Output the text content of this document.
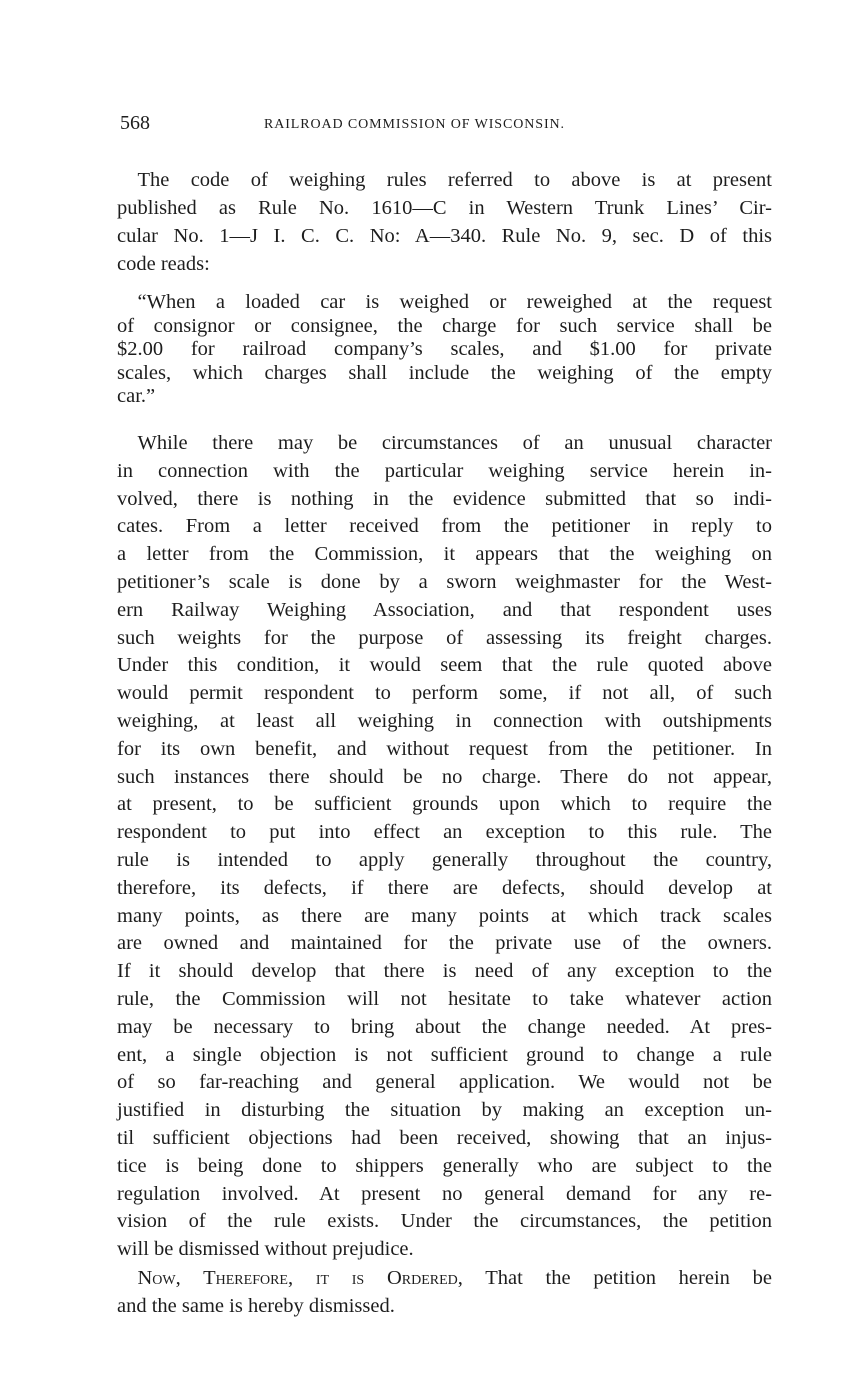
568	RAILROAD COMMISSION OF WISCONSIN.

 The code of weighing rules referred to above is at present
published as Rule No. 1610—C in Western Trunk Lines’ Cir-
cular No. 1—J I. C. C. No: A—340. Rule No. 9, sec. D of this
code reads:

 “When a loaded car is weighed or reweighed at the request
of consignor or consignee, the charge for such service shall be
$2.00 for railroad company’s scales, and $1.00 for private
scales, which charges shall include the weighing of the empty
car.”

 While there may be circumstances of an unusual character
in connection with the particular weighing service herein in-
volved, there is nothing in the evidence submitted that so indi-
cates. From a letter received from the petitioner in reply to
a letter from the Commission, it appears that the weighing on
petitioner’s scale is done by a sworn weighmaster for the West-
ern Railway Weighing Association, and that respondent uses
such weights for the purpose of assessing its freight charges.
Under this condition, it would seem that the rule quoted above
would permit respondent to perform some, if not all, of such
weighing, at least all weighing in connection with outshipments
for its own benefit, and without request from the petitioner. In
such instances there should be no charge. There do not appear,
at present, to be sufficient grounds upon which to require the
respondent to put into effect an exception to this rule. The
rule is intended to apply generally throughout the country,
therefore, its defects, if there are defects, should develop at
many points, as there are many points at which track scales
are owned and maintained for the private use of the owners.
If it should develop that there is need of any exception to the
rule, the Commission will not hesitate to take whatever action
may be necessary to bring about the change needed. At pres-
ent, a single objection is not sufficient ground to change a rule
of so far-reaching and general application. We would not be
justified in disturbing the situation by making an exception un-
til sufficient objections had been received, showing that an injus-
tice is being done to shippers generally who are subject to the
regulation involved. At present no general demand for any re-
vision of the rule exists. Under the circumstances, the petition
will be dismissed without prejudice.

 Now, Therefore, it is Ordered, That the petition herein be
and the same is hereby dismissed.
